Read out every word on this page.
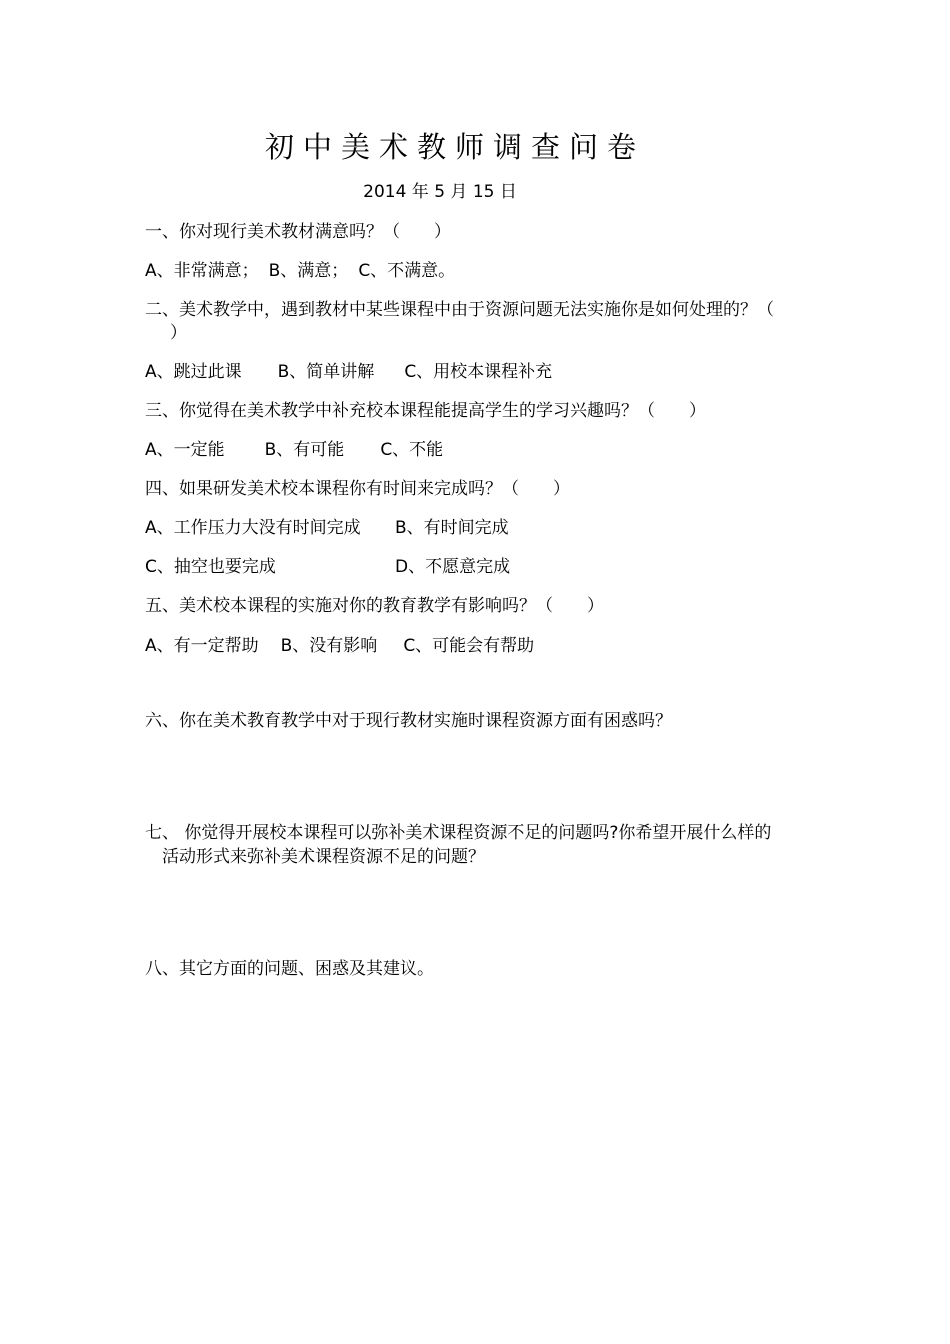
初中美术教师调查问卷
2014 年 5 月 15 日
一、你对现行美术教材满意吗？（　　）
A、非常满意； B、满意； C、不满意。
二、美术教学中，遇到教材中某些课程中由于资源问题无法实施你是如何处理的？（
）
A、跳过此课 B、简单讲解 C、用校本课程补充
三、你觉得在美术教学中补充校本课程能提高学生的学习兴趣吗？（　　）
A、一定能 B、有可能 C、不能
四、如果研发美术校本课程你有时间来完成吗？（　　）
A、工作压力大没有时间完成 B、有时间完成
C、抽空也要完成	D、不愿意完成
五、美术校本课程的实施对你的教育教学有影响吗？（　　）
A、有一定帮助 B、没有影响 C、可能会有帮助
六、你在美术教育教学中对于现行教材实施时课程资源方面有困惑吗？
七、 你觉得开展校本课程可以弥补美术课程资源不足的问题吗?你希望开展什么样的
活动形式来弥补美术课程资源不足的问题？
八、其它方面的问题、困惑及其建议。
